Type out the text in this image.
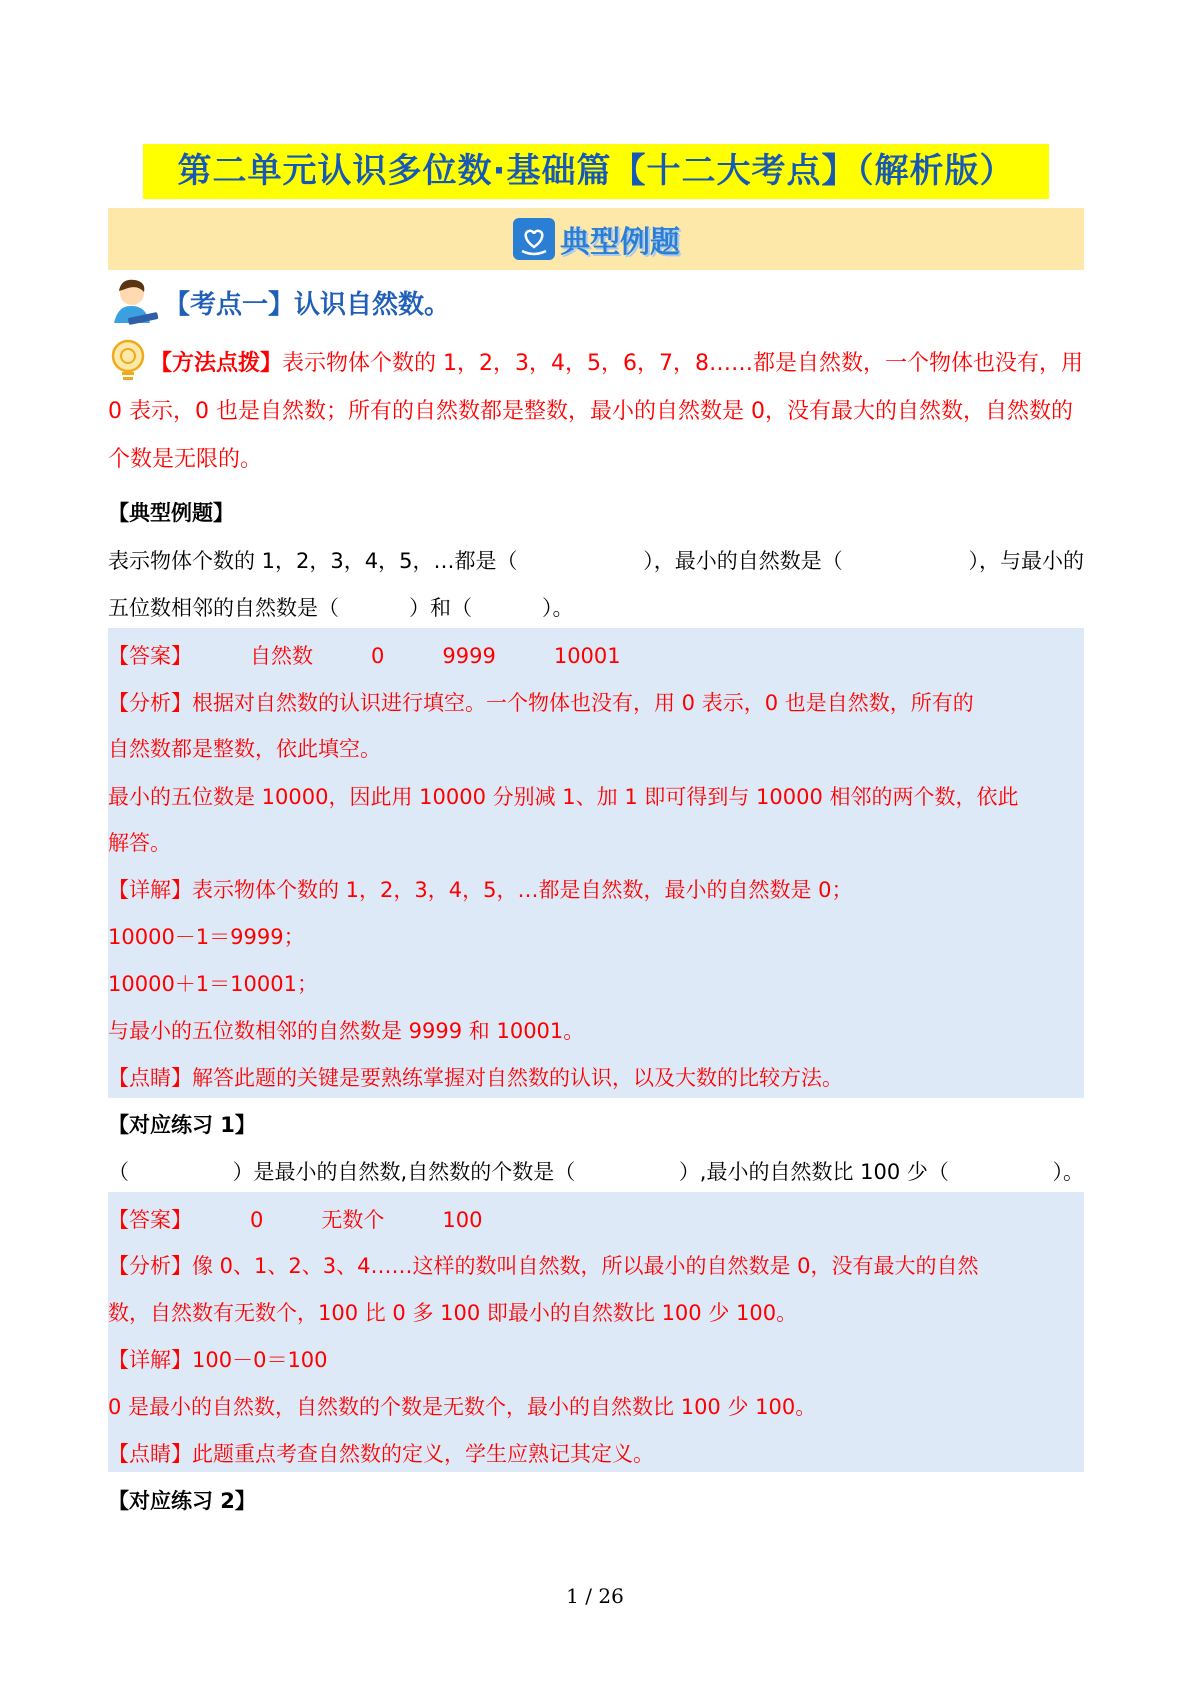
第二单元认识多位数·基础篇【十二大考点】（解析版）
典型例题
【考点一】认识自然数。
【方法点拨】表示物体个数的 1，2，3，4，5，6，7，8……都是自然数，一个物体也没有，用 0 表示，0 也是自然数；所有的自然数都是整数，最小的自然数是 0，没有最大的自然数，自然数的个数是无限的。
【典型例题】
表示物体个数的 1，2，3，4，5，…都是（	），最小的自然数是（	），与最小的
五位数相邻的自然数是（	）和（	）。
【答案】	自然数	0	9999	10001
【分析】根据对自然数的认识进行填空。一个物体也没有，用 0 表示，0 也是自然数，所有的
自然数都是整数，依此填空。
最小的五位数是 10000，因此用 10000 分别减 1、加 1 即可得到与 10000 相邻的两个数，依此
解答。
【详解】表示物体个数的 1，2，3，4，5，…都是自然数，最小的自然数是 0；
10000－1＝9999；
10000＋1＝10001；
与最小的五位数相邻的自然数是 9999 和 10001。
【点睛】解答此题的关键是要熟练掌握对自然数的认识，以及大数的比较方法。
【对应练习 1】
（	）是最小的自然数,自然数的个数是（	）,最小的自然数比 100 少（	）。
【答案】	0	无数个	100
【分析】像 0、1、2、3、4……这样的数叫自然数，所以最小的自然数是 0，没有最大的自然
数，自然数有无数个，100 比 0 多 100 即最小的自然数比 100 少 100。
【详解】100－0＝100
0 是最小的自然数，自然数的个数是无数个，最小的自然数比 100 少 100。
【点睛】此题重点考查自然数的定义，学生应熟记其定义。
【对应练习 2】
1 / 26
